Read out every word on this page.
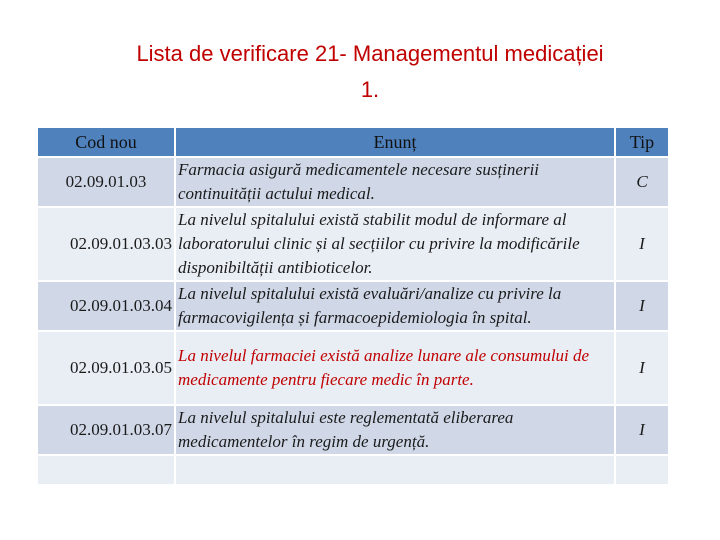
Lista de verificare 21- Managementul medicației
1.
Cod nou	Enunț	Tip
02.09.01.03	Farmacia asigură medicamentele necesare susținerii continuității actului medical.	C
02.09.01.03.03	La nivelul spitalului există stabilit modul de informare al laboratorului clinic și al secțiilor cu privire la modificările disponibiltății antibioticelor.	I
02.09.01.03.04	La nivelul spitalului există evaluări/analize cu privire la farmacovigilența și farmacoepidemiologia în spital.	I
02.09.01.03.05	La nivelul farmaciei există analize lunare ale consumului de medicamente pentru fiecare medic în parte.	I
02.09.01.03.07	La nivelul spitalului este reglementată eliberarea medicamentelor în regim de urgență.	I
